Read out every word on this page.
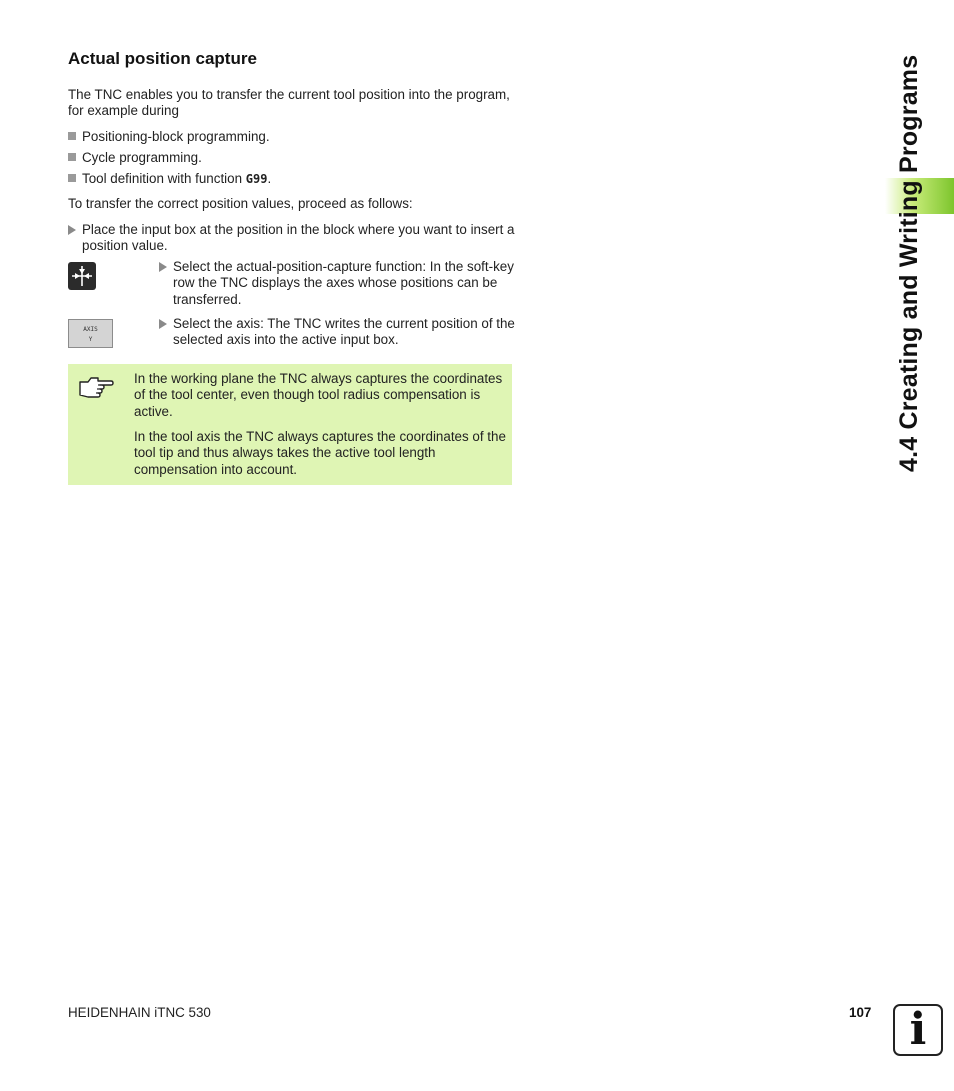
Actual position capture
The TNC enables you to transfer the current tool position into the program, for example during
Positioning-block programming.
Cycle programming.
Tool definition with function G99.
To transfer the correct position values, proceed as follows:
Place the input box at the position in the block where you want to insert a position value.
Select the actual-position-capture function: In the soft-key row the TNC displays the axes whose positions can be transferred.
AXIS
Y
Select the axis: The TNC writes the current position of the selected axis into the active input box.
In the working plane the TNC always captures the coordinates of the tool center, even though tool radius compensation is active.
In the tool axis the TNC always captures the coordinates of the tool tip and thus always takes the active tool length compensation into account.	4.4 Creating and Writing Programs
HEIDENHAIN iTNC 530	107 i
